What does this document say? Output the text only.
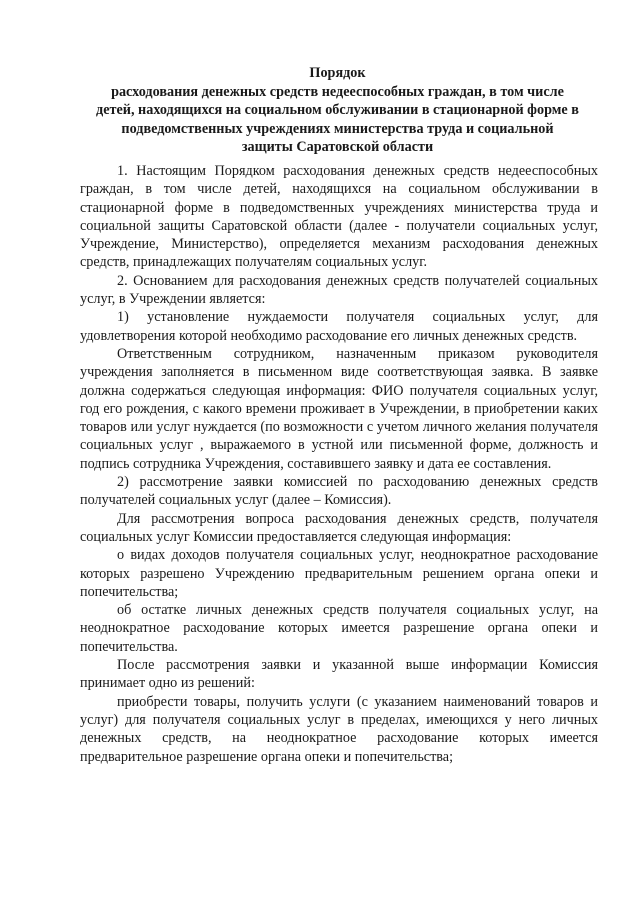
Порядок
расходования денежных средств недееспособных граждан, в том числе
детей, находящихся на социальном обслуживании в стационарной форме в
подведомственных учреждениях министерства труда и социальной
защиты Саратовской области

1. Настоящим Порядком расходования денежных средств недееспособных граждан, в том числе детей, находящихся на социальном обслуживании в стационарной форме в подведомственных учреждениях министерства труда и социальной защиты Саратовской области (далее - получатели социальных услуг, Учреждение, Министерство), определяется механизм расходования денежных средств, принадлежащих получателям социальных услуг.

2. Основанием для расходования денежных средств получателей социальных услуг, в Учреждении является:

1) установление нуждаемости получателя социальных услуг, для удовлетворения которой необходимо расходование его личных денежных средств.

Ответственным сотрудником, назначенным приказом руководителя учреждения заполняется в письменном виде соответствующая заявка. В заявке должна содержаться следующая информация: ФИО получателя социальных услуг, год его рождения, с какого времени проживает в Учреждении, в приобретении каких товаров или услуг нуждается (по возможности с учетом личного желания получателя социальных услуг , выражаемого в устной или письменной форме, должность и подпись сотрудника Учреждения, составившего заявку и дата ее составления.

2) рассмотрение заявки комиссией по расходованию денежных средств получателей социальных услуг (далее – Комиссия).

Для рассмотрения вопроса расходования денежных средств, получателя социальных услуг Комиссии предоставляется следующая информация:

о видах доходов получателя социальных услуг, неоднократное расходование которых разрешено Учреждению предварительным решением органа опеки и попечительства;

об остатке личных денежных средств получателя социальных услуг, на неоднократное расходование которых имеется разрешение органа опеки и попечительства.

После рассмотрения заявки и указанной выше информации Комиссия принимает одно из решений:

приобрести товары, получить услуги (с указанием наименований товаров и услуг) для получателя социальных услуг в пределах, имеющихся у него личных денежных средств, на неоднократное расходование которых имеется предварительное разрешение органа опеки и попечительства;
